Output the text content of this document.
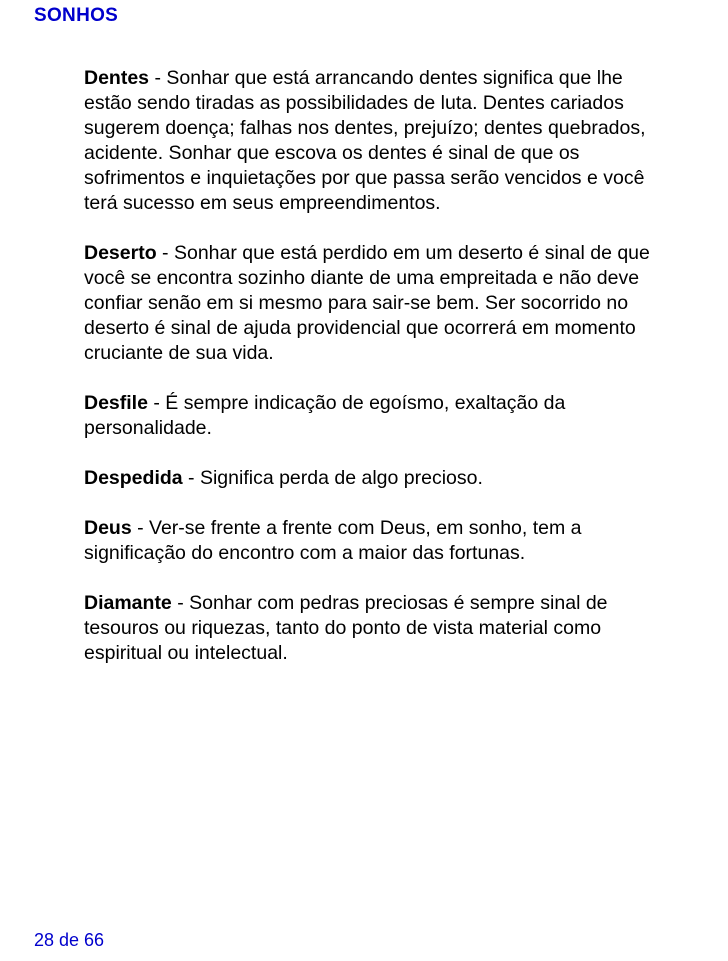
SONHOS

Dentes - Sonhar que está arrancando dentes significa que lhe estão sendo tiradas as possibilidades de luta. Dentes cariados sugerem doença; falhas nos dentes, prejuízo; dentes quebrados, acidente. Sonhar que escova os dentes é sinal de que os sofrimentos e inquietações por que passa serão vencidos e você terá sucesso em seus empreendimentos.

Deserto - Sonhar que está perdido em um deserto é sinal de que você se encontra sozinho diante de uma empreitada e não deve confiar senão em si mesmo para sair-se bem. Ser socorrido no deserto é sinal de ajuda providencial que ocorrerá em momento cruciante de sua vida.

Desfile - É sempre indicação de egoísmo, exaltação da personalidade.

Despedida - Significa perda de algo precioso.

Deus - Ver-se frente a frente com Deus, em sonho, tem a significação do encontro com a maior das fortunas.

Diamante - Sonhar com pedras preciosas é sempre sinal de tesouros ou riquezas, tanto do ponto de vista material como espiritual ou intelectual.

28 de 66
